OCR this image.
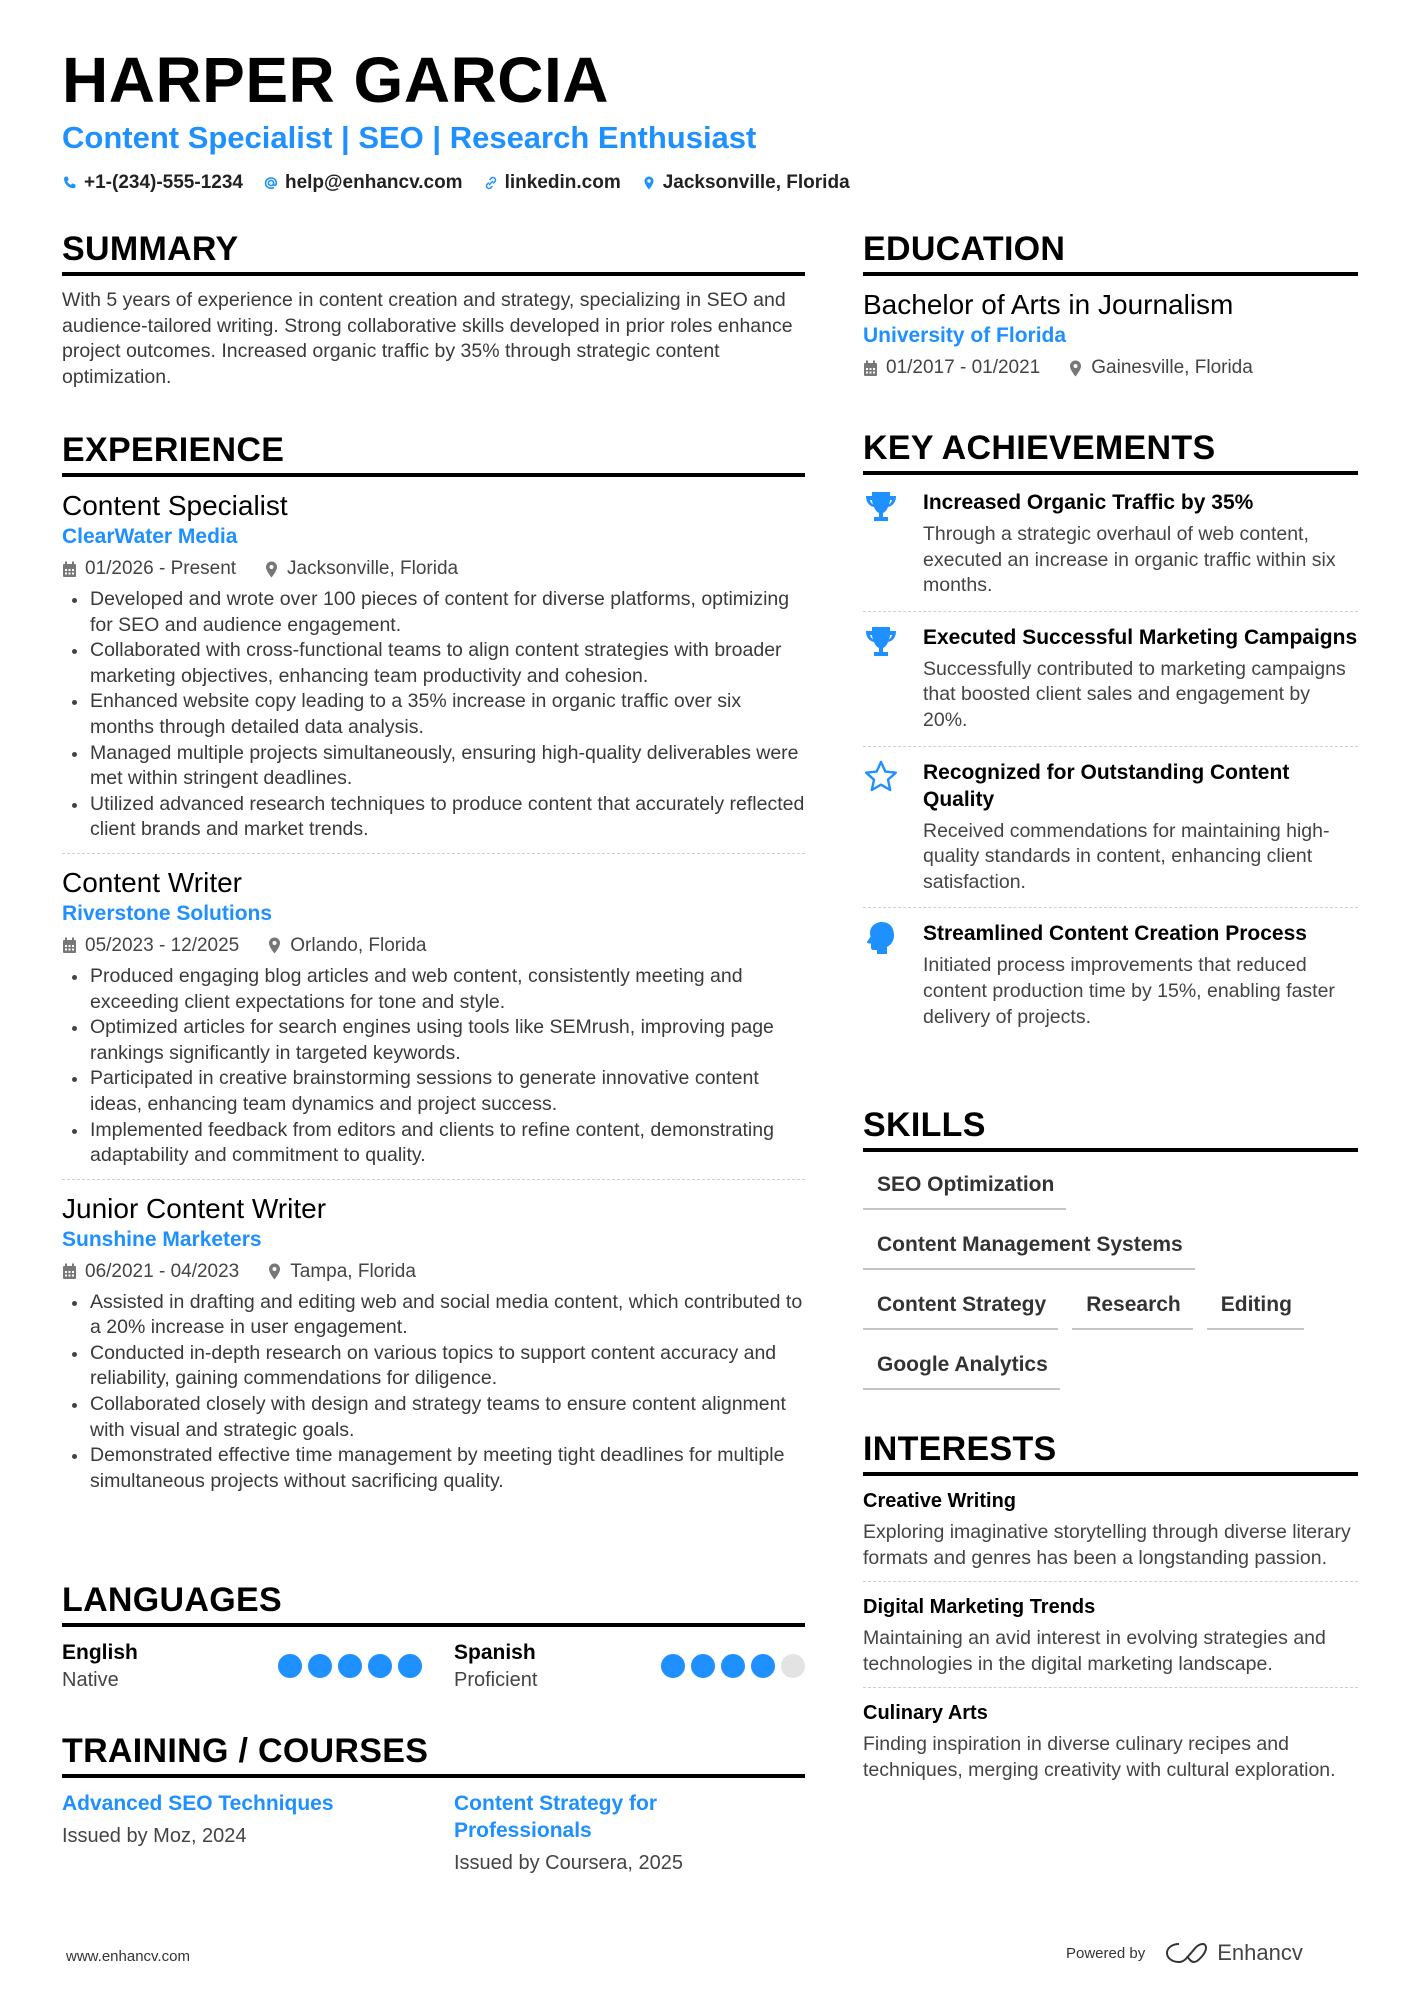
HARPER GARCIA
Content Specialist | SEO | Research Enthusiast
+1-(234)-555-1234 help@enhancv.com linkedin.com Jacksonville, Florida
SUMMARY
With 5 years of experience in content creation and strategy, specializing in SEO and audience-tailored writing. Strong collaborative skills developed in prior roles enhance project outcomes. Increased organic traffic by 35% through strategic content optimization.
EXPERIENCE
Content Specialist
ClearWater Media
01/2026 - Present	Jacksonville, Florida
Developed and wrote over 100 pieces of content for diverse platforms, optimizing for SEO and audience engagement.
Collaborated with cross-functional teams to align content strategies with broader marketing objectives, enhancing team productivity and cohesion.
Enhanced website copy leading to a 35% increase in organic traffic over six months through detailed data analysis.
Managed multiple projects simultaneously, ensuring high-quality deliverables were met within stringent deadlines.
Utilized advanced research techniques to produce content that accurately reflected client brands and market trends.
Content Writer
Riverstone Solutions
05/2023 - 12/2025	Orlando, Florida
Produced engaging blog articles and web content, consistently meeting and exceeding client expectations for tone and style.
Optimized articles for search engines using tools like SEMrush, improving page rankings significantly in targeted keywords.
Participated in creative brainstorming sessions to generate innovative content ideas, enhancing team dynamics and project success.
Implemented feedback from editors and clients to refine content, demonstrating adaptability and commitment to quality.
Junior Content Writer
Sunshine Marketers
06/2021 - 04/2023	Tampa, Florida
Assisted in drafting and editing web and social media content, which contributed to a 20% increase in user engagement.
Conducted in-depth research on various topics to support content accuracy and reliability, gaining commendations for diligence.
Collaborated closely with design and strategy teams to ensure content alignment with visual and strategic goals.
Demonstrated effective time management by meeting tight deadlines for multiple simultaneous projects without sacrificing quality.
LANGUAGES
English
Native
Spanish
Proficient
TRAINING / COURSES
Advanced SEO Techniques
Issued by Moz, 2024
Content Strategy for Professionals
Issued by Coursera, 2025
EDUCATION
Bachelor of Arts in Journalism
University of Florida
01/2017 - 01/2021	Gainesville, Florida
KEY ACHIEVEMENTS
Increased Organic Traffic by 35%
Through a strategic overhaul of web content, executed an increase in organic traffic within six months.
Executed Successful Marketing Campaigns
Successfully contributed to marketing campaigns that boosted client sales and engagement by 20%.
Recognized for Outstanding Content Quality
Received commendations for maintaining high-quality standards in content, enhancing client satisfaction.
Streamlined Content Creation Process
Initiated process improvements that reduced content production time by 15%, enabling faster delivery of projects.
SKILLS
SEO Optimization
Content Management Systems
Content Strategy Research Editing
Google Analytics
INTERESTS
Creative Writing
Exploring imaginative storytelling through diverse literary formats and genres has been a longstanding passion.
Digital Marketing Trends
Maintaining an avid interest in evolving strategies and technologies in the digital marketing landscape.
Culinary Arts
Finding inspiration in diverse culinary recipes and techniques, merging creativity with cultural exploration.
www.enhancv.com	Powered by	Enhancv
